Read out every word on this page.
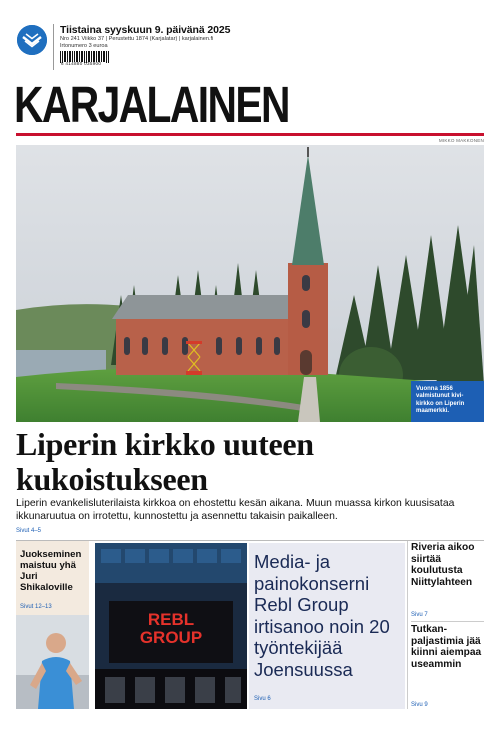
Tiistaina syyskuun 9. päivänä 2025
Nro 241 Viikko 37 | Perustettu 1874 (Karjalatar) | karjalainen.fi
Irtonumero 3 euroa
6 414880 035900
KARJALAINEN
MIKKO MAKKONEN
Vuonna 1856 valmistunut kivi-kirkko on Liperin maamerkki.
Liperin kirkko uuteen kukoistukseen
Liperin evankelisluterilaista kirkkoa on ehostettu kesän aikana. Muun muassa kirkon kuusisataa ikkunaruutua on irrotettu, kunnostettu ja asennettu takaisin paikalleen.
Sivut 4–5
Juokseminen maistuu yhä Juri Shikaloville
Sivut 12–13
REBL
GROUP
Media- ja painokonserni Rebl Group irtisanoo noin 20 työntekijää Joensuussa
Sivu 6
Riveria aikoo siirtää koulutusta Niittylahteen
Sivu 7
Tutkan-paljastimia jää kiinni aiempaa useammin
Sivu 9
